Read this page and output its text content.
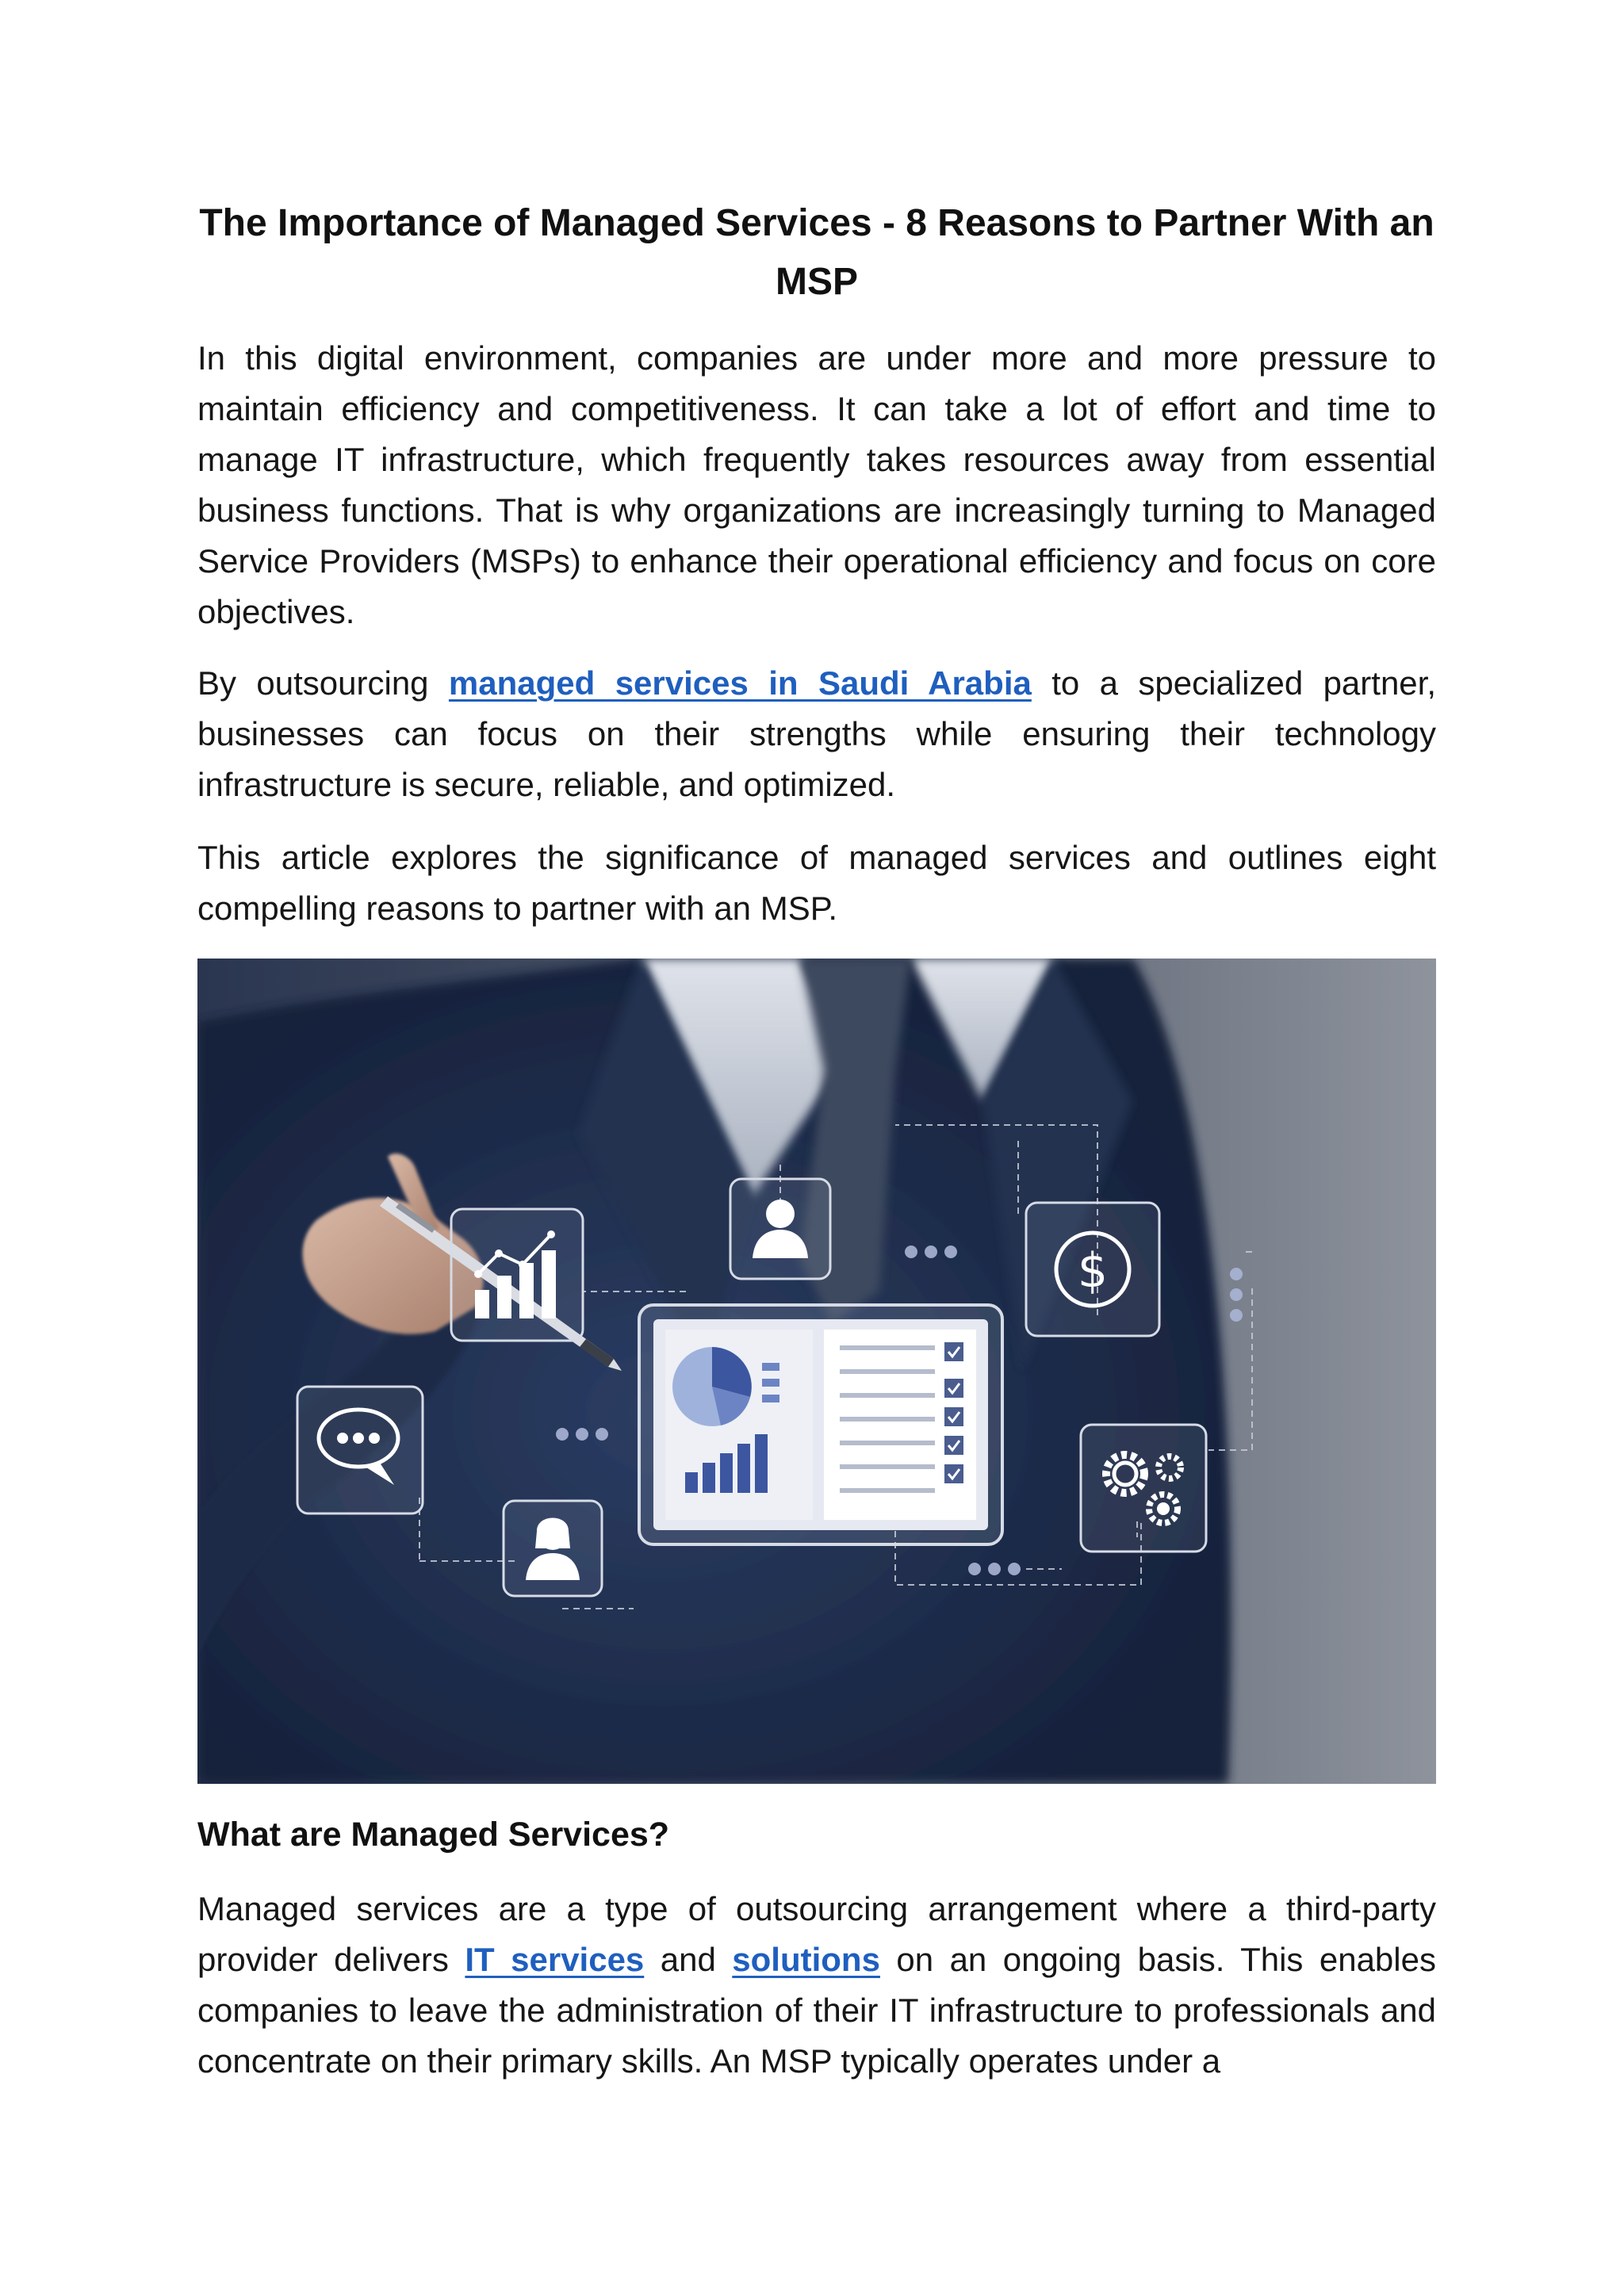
The Importance of Managed Services - 8 Reasons to Partner With an MSP

In this digital environment, companies are under more and more pressure to maintain efficiency and competitiveness. It can take a lot of effort and time to manage IT infrastructure, which frequently takes resources away from essential business functions. That is why organizations are increasingly turning to Managed Service Providers (MSPs) to enhance their operational efficiency and focus on core objectives.

By outsourcing managed services in Saudi Arabia to a specialized partner, businesses can focus on their strengths while ensuring their technology infrastructure is secure, reliable, and optimized.

This article explores the significance of managed services and outlines eight compelling reasons to partner with an MSP.

$
What are Managed Services?

Managed services are a type of outsourcing arrangement where a third-party provider delivers IT services and solutions on an ongoing basis. This enables companies to leave the administration of their IT infrastructure to professionals and concentrate on their primary skills. An MSP typically operates under a
